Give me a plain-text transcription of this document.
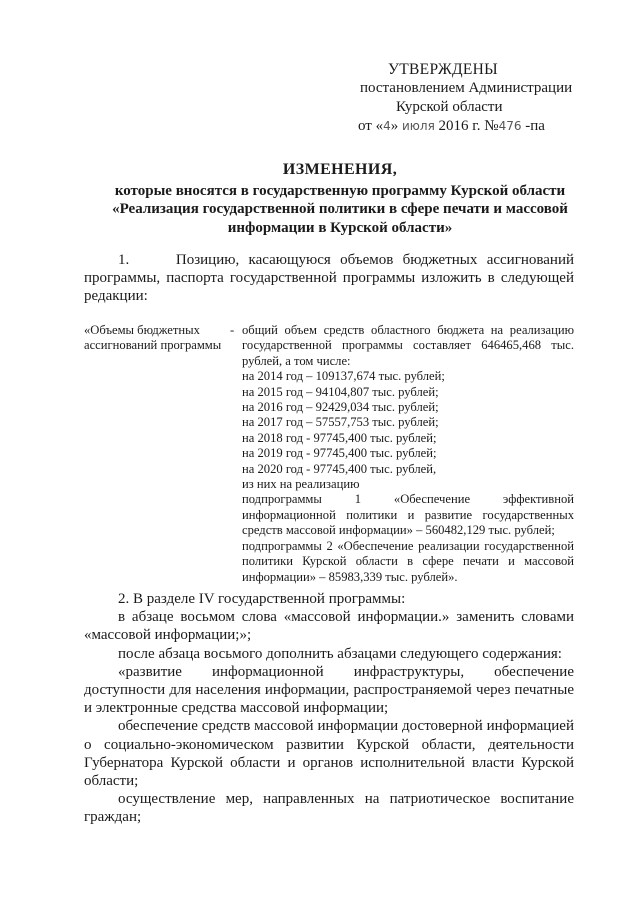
УТВЕРЖДЕНЫ
постановлением Администрации
Курской области
от «4» июля 2016 г. №476 -па
ИЗМЕНЕНИЯ,
которые вносятся в государственную программу Курской области
«Реализация государственной политики в сфере печати и массовой
информации в Курской области»
1.     Позицию, касающуюся объемов бюджетных ассигнований программы, паспорта государственной программы изложить в следующей редакции:
«Объемы бюджетных ассигнований программы
- общий объем средств областного бюджета на реализацию государственной программы составляет 646465,468 тыс. рублей, а том числе:
на 2014 год – 109137,674 тыс. рублей;
на 2015 год – 94104,807 тыс. рублей;
на 2016 год – 92429,034 тыс. рублей;
на 2017 год – 57557,753 тыс. рублей;
на 2018 год - 97745,400 тыс. рублей;
на 2019 год - 97745,400 тыс. рублей;
на 2020 год - 97745,400 тыс. рублей,
из них на реализацию
подпрограммы 1 «Обеспечение эффективной информационной политики и развитие государственных средств массовой информации» – 560482,129 тыс. рублей;
подпрограммы 2 «Обеспечение реализации государственной политики Курской области в сфере печати и массовой информации» – 85983,339 тыс. рублей».
2. В разделе IV государственной программы:
в абзаце восьмом слова «массовой информации.» заменить словами «массовой информации;»;
после абзаца восьмого дополнить абзацами следующего содержания:
«развитие информационной инфраструктуры, обеспечение доступности для населения информации, распространяемой через печатные и электронные средства массовой информации;
обеспечение средств массовой информации достоверной информацией о социально-экономическом развитии Курской области, деятельности Губернатора Курской области и органов исполнительной власти Курской области;
осуществление мер, направленных на патриотическое воспитание граждан;
